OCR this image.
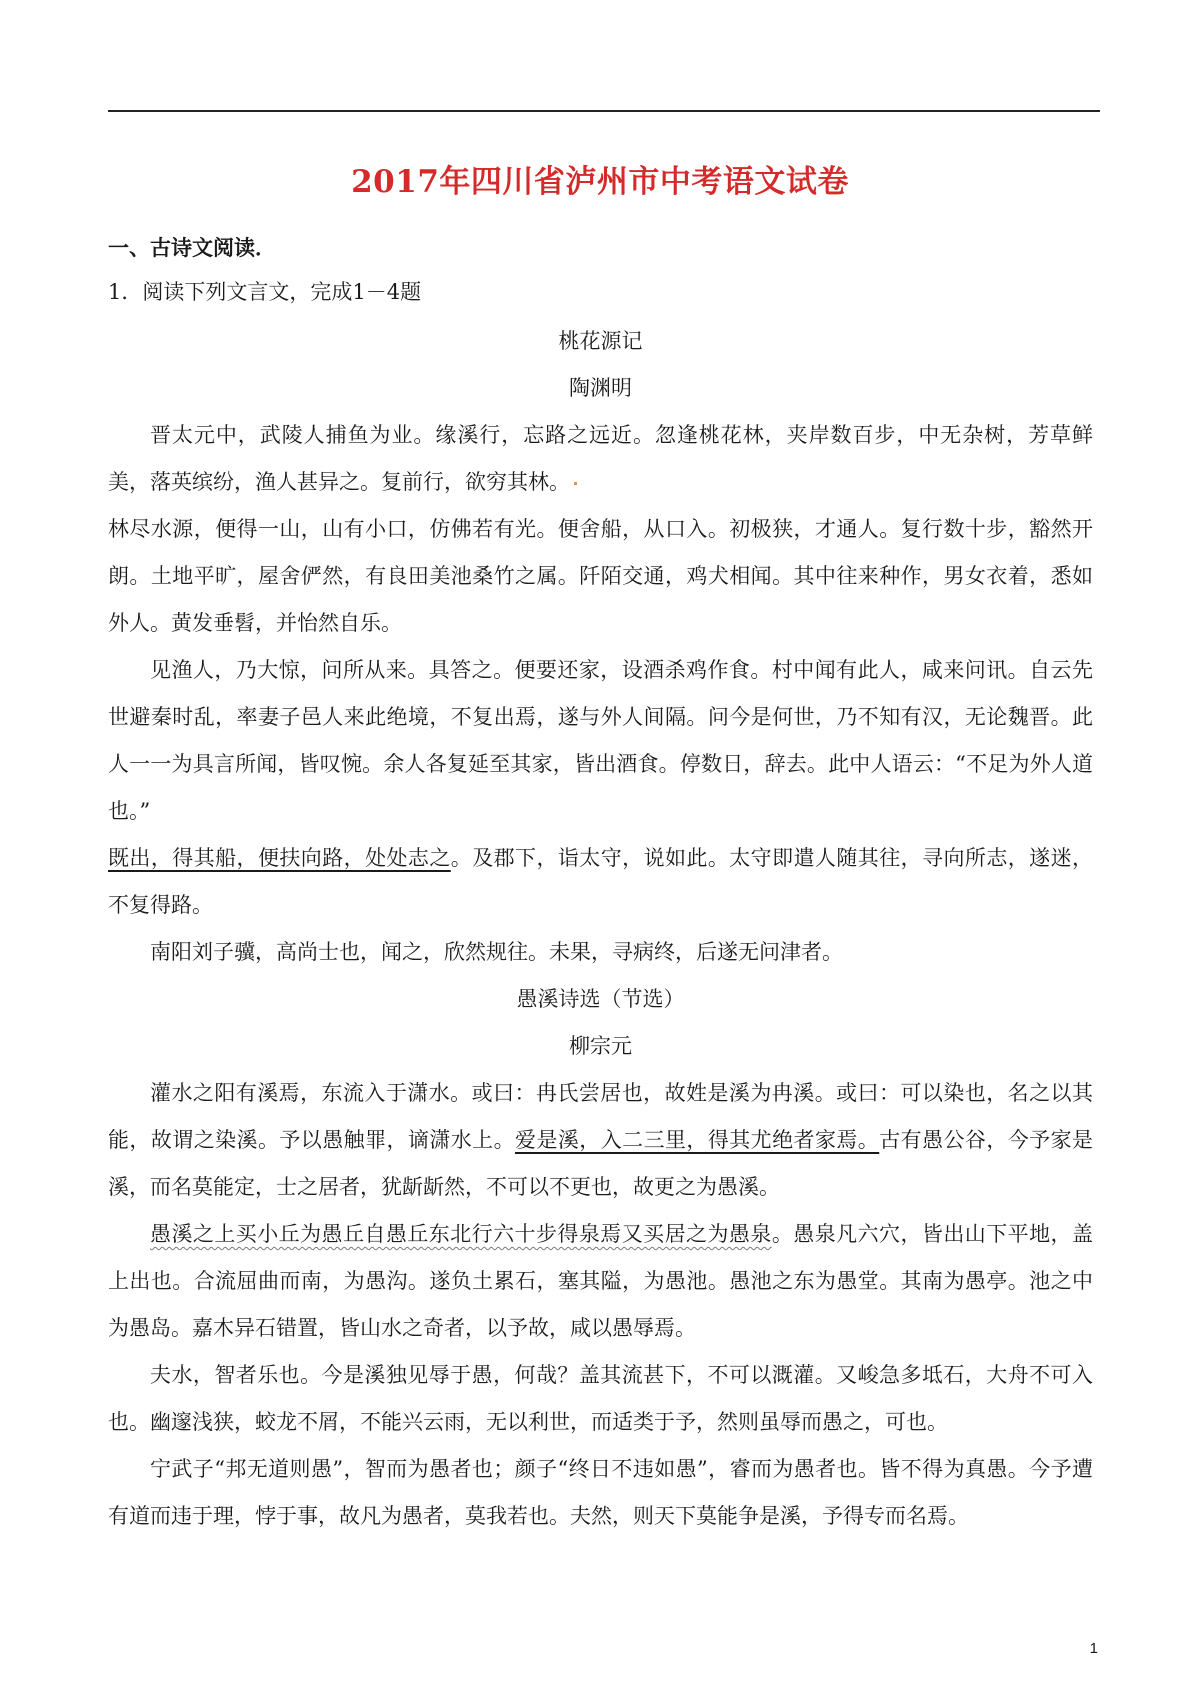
2017年四川省泸州市中考语文试卷

一、古诗文阅读．

1．阅读下列文言文，完成1－4题

桃花源记

陶渊明

晋太元中，武陵人捕鱼为业。缘溪行，忘路之远近。忽逢桃花林，夹岸数百步，中无杂树，芳草鲜美，落英缤纷，渔人甚异之。复前行，欲穷其林。

林尽水源，便得一山，山有小口，仿佛若有光。便舍船，从口入。初极狭，才通人。复行数十步，豁然开朗。土地平旷，屋舍俨然，有良田美池桑竹之属。阡陌交通，鸡犬相闻。其中往来种作，男女衣着，悉如外人。黄发垂髫，并怡然自乐。

见渔人，乃大惊，问所从来。具答之。便要还家，设酒杀鸡作食。村中闻有此人，咸来问讯。自云先世避秦时乱，率妻子邑人来此绝境，不复出焉，遂与外人间隔。问今是何世，乃不知有汉，无论魏晋。此人一一为具言所闻，皆叹惋。余人各复延至其家，皆出酒食。停数日，辞去。此中人语云：“不足为外人道也。”

既出，得其船，便扶向路，处处志之。及郡下，诣太守，说如此。太守即遣人随其往，寻向所志，遂迷，不复得路。

南阳刘子骥，高尚士也，闻之，欣然规往。未果，寻病终，后遂无问津者。

愚溪诗选（节选）

柳宗元

灌水之阳有溪焉，东流入于潇水。或曰：冉氏尝居也，故姓是溪为冉溪。或曰：可以染也，名之以其能，故谓之染溪。予以愚触罪，谪潇水上。爱是溪，入二三里，得其尤绝者家焉。古有愚公谷，今予家是溪，而名莫能定，士之居者，犹龂龂然，不可以不更也，故更之为愚溪。

愚溪之上买小丘为愚丘自愚丘东北行六十步得泉焉又买居之为愚泉。愚泉凡六穴，皆出山下平地，盖上出也。合流屈曲而南，为愚沟。遂负土累石，塞其隘，为愚池。愚池之东为愚堂。其南为愚亭。池之中为愚岛。嘉木异石错置，皆山水之奇者，以予故，咸以愚辱焉。

夫水，智者乐也。今是溪独见辱于愚，何哉？盖其流甚下，不可以溉灌。又峻急多坻石，大舟不可入也。幽邃浅狭，蛟龙不屑，不能兴云雨，无以利世，而适类于予，然则虽辱而愚之，可也。

宁武子“邦无道则愚”，智而为愚者也；颜子“终日不违如愚”，睿而为愚者也。皆不得为真愚。今予遭有道而违于理，悖于事，故凡为愚者，莫我若也。夫然，则天下莫能争是溪，予得专而名焉。

1
